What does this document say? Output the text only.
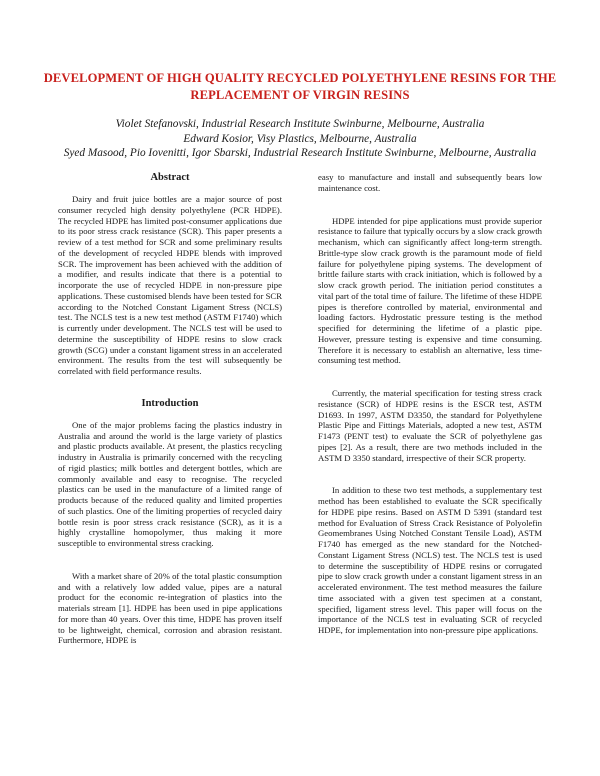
DEVELOPMENT OF HIGH QUALITY RECYCLED POLYETHYLENE RESINS FOR THE REPLACEMENT OF VIRGIN RESINS
Violet Stefanovski, Industrial Research Institute Swinburne, Melbourne, Australia
Edward Kosior, Visy Plastics, Melbourne, Australia
Syed Masood, Pio Iovenitti, Igor Sbarski, Industrial Research Institute Swinburne, Melbourne, Australia
Abstract

Dairy and fruit juice bottles are a major source of post consumer recycled high density polyethylene (PCR HDPE). The recycled HDPE has limited post-consumer applications due to its poor stress crack resistance (SCR). This paper presents a review of a test method for SCR and some preliminary results of the development of recycled HDPE blends with improved SCR. The improvement has been achieved with the addition of a modifier, and results indicate that there is a potential to incorporate the use of recycled HDPE in non-pressure pipe applications. These customised blends have been tested for SCR according to the Notched Constant Ligament Stress (NCLS) test. The NCLS test is a new test method (ASTM F1740) which is currently under development. The NCLS test will be used to determine the susceptibility of HDPE resins to slow crack growth (SCG) under a constant ligament stress in an accelerated environment. The results from the test will subsequently be correlated with field performance results.

Introduction

One of the major problems facing the plastics industry in Australia and around the world is the large variety of plastics and plastic products available. At present, the plastics recycling industry in Australia is primarily concerned with the recycling of rigid plastics; milk bottles and detergent bottles, which are commonly available and easy to recognise. The recycled plastics can be used in the manufacture of a limited range of products because of the reduced quality and limited properties of such plastics. One of the limiting properties of recycled dairy bottle resin is poor stress crack resistance (SCR), as it is a highly crystalline homopolymer, thus making it more susceptible to environmental stress cracking.

With a market share of 20% of the total plastic consumption and with a relatively low added value, pipes are a natural product for the economic re-integration of plastics into the materials stream [1]. HDPE has been used in pipe applications for more than 40 years. Over this time, HDPE has proven itself to be lightweight, chemical, corrosion and abrasion resistant. Furthermore, HDPE is

easy to manufacture and install and subsequently bears low maintenance cost.

HDPE intended for pipe applications must provide superior resistance to failure that typically occurs by a slow crack growth mechanism, which can significantly affect long-term strength. Brittle-type slow crack growth is the paramount mode of field failure for polyethylene piping systems. The development of brittle failure starts with crack initiation, which is followed by a slow crack growth period. The initiation period constitutes a vital part of the total time of failure. The lifetime of these HDPE pipes is therefore controlled by material, environmental and loading factors. Hydrostatic pressure testing is the method specified for determining the lifetime of a plastic pipe. However, pressure testing is expensive and time consuming. Therefore it is necessary to establish an alternative, less time-consuming test method.

Currently, the material specification for testing stress crack resistance (SCR) of HDPE resins is the ESCR test, ASTM D1693. In 1997, ASTM D3350, the standard for Polyethylene Plastic Pipe and Fittings Materials, adopted a new test, ASTM F1473 (PENT test) to evaluate the SCR of polyethylene gas pipes [2]. As a result, there are two methods included in the ASTM D 3350 standard, irrespective of their SCR property.

In addition to these two test methods, a supplementary test method has been established to evaluate the SCR specifically for HDPE pipe resins. Based on ASTM D 5391 (standard test method for Evaluation of Stress Crack Resistance of Polyolefin Geomembranes Using Notched Constant Tensile Load), ASTM F1740 has emerged as the new standard for the Notched-Constant Ligament Stress (NCLS) test. The NCLS test is used to determine the susceptibility of HDPE resins or corrugated pipe to slow crack growth under a constant ligament stress in an accelerated environment. The test method measures the failure time associated with a given test specimen at a constant, specified, ligament stress level. This paper will focus on the importance of the NCLS test in evaluating SCR of recycled HDPE, for implementation into non-pressure pipe applications.
